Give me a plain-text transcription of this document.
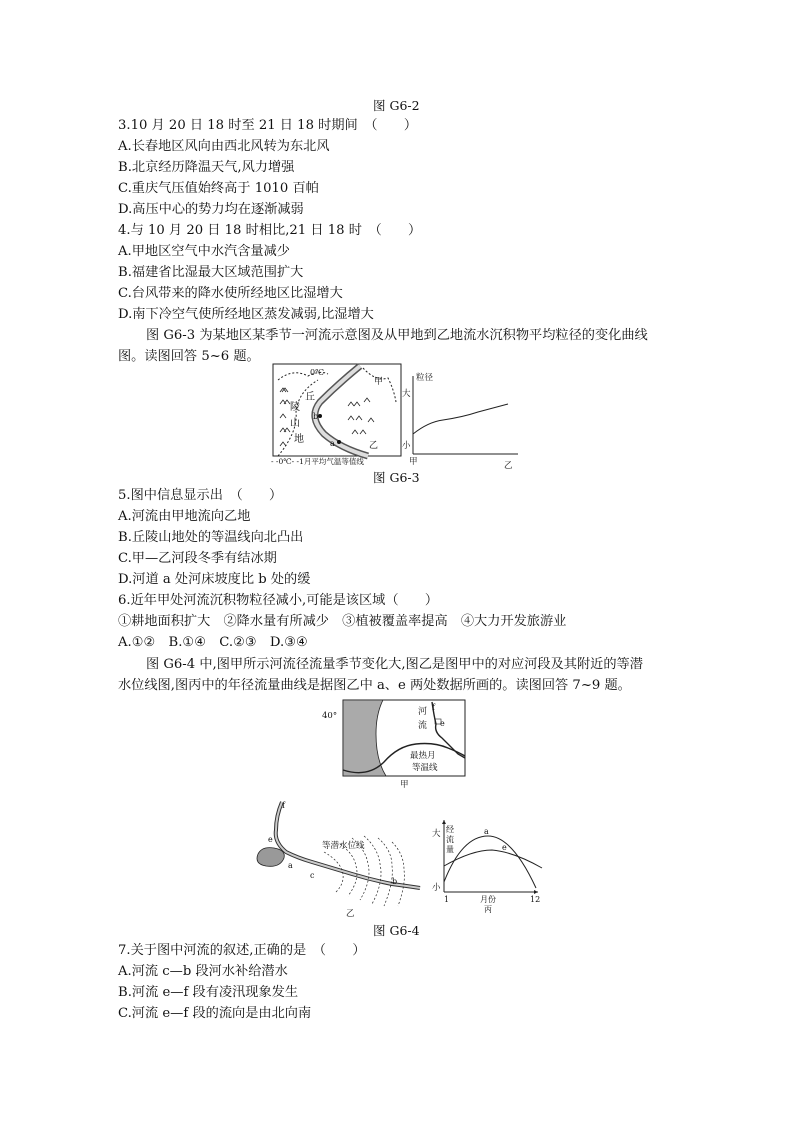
图 G6-2
3.10 月 20 日 18 时至 21 日 18 时期间　（　　）
A.长春地区风向由西北风转为东北风
B.北京经历降温天气,风力增强
C.重庆气压值始终高于 1010 百帕
D.高压中心的势力均在逐渐减弱
4.与 10 月 20 日 18 时相比,21 日 18 时　（　　）
A.甲地区空气中水汽含量减少
B.福建省比湿最大区域范围扩大
C.台风带来的降水使所经地区比湿增大
D.南下冷空气使所经地区蒸发减弱,比湿增大
图 G6-3 为某地区某季节一河流示意图及从甲地到乙地流水沉积物平均粒径的变化曲线
图。读图回答 5~6 题。
0℃
甲
乙
丘
陵
山
地
b
a
- -0℃- -1月平均气温等值线
粒径
大
小
甲	乙
图 G6-3
5.图中信息显示出　（　　）
A.河流由甲地流向乙地
B.丘陵山地处的等温线向北凸出
C.甲—乙河段冬季有结冰期
D.河道 a 处河床坡度比 b 处的缓
6.近年甲处河流沉积物粒径减小,可能是该区域（　　）
①耕地面积扩大　②降水量有所减少　③植被覆盖率提高　④大力开发旅游业
A.①②　B.①④　C.②③　D.③④
图 G6-4 中,图甲所示河流径流量季节变化大,图乙是图甲中的对应河段及其附近的等潜
水位线图,图丙中的年径流量曲线是据图乙中 a、e 两处数据所画的。读图回答 7~9 题。
40°	河
流
f
e
最热月
等温线
甲
f
e
a
c
b
等潜水位线
乙
大
小
经
流
量
a
e
1	12
月份
丙
图 G6-4
7.关于图中河流的叙述,正确的是　（　　）
A.河流 c—b 段河水补给潜水
B.河流 e—f 段有凌汛现象发生
C.河流 e—f 段的流向是由北向南
